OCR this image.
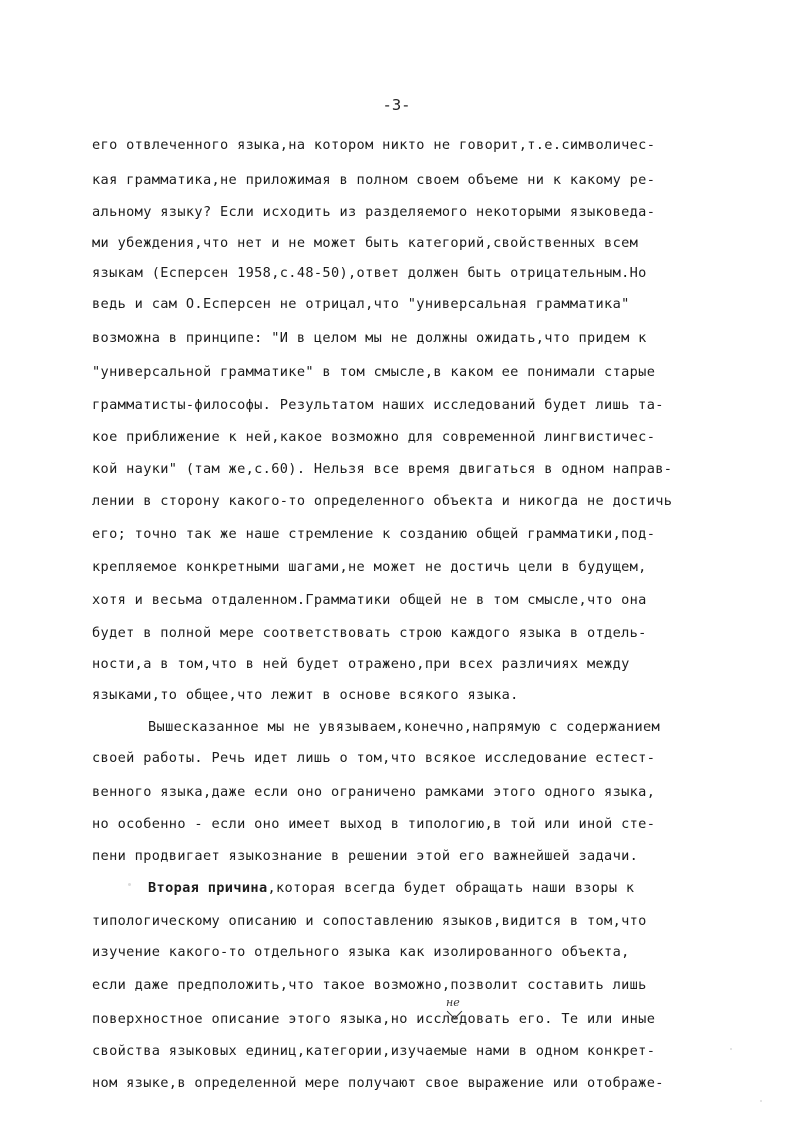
-3-
его отвлеченного языка,на котором никто не говорит,т.е.символичес-
кая грамматика,не приложимая в полном своем объеме ни к какому ре-
альному языку? Если исходить из разделяемого некоторыми языковеда-
ми убеждения,что нет и не может быть категорий,свойственных всем
языкам (Есперсен 1958,с.48-50),ответ должен быть отрицательным.Но
ведь и сам О.Есперсен не отрицал,что "универсальная грамматика"
возможна в принципе: "И в целом мы не должны ожидать,что придем к
"универсальной грамматике" в том смысле,в каком ее понимали старые
грамматисты-философы. Результатом наших исследований будет лишь та-
кое приближение к ней,какое возможно для современной лингвистичес-
кой науки" (там же,с.60). Нельзя все время двигаться в одном направ-
лении в сторону какого-то определенного объекта и никогда не достичь
его; точно так же наше стремление к созданию общей грамматики,под-
крепляемое конкретными шагами,не может не достичь цели в будущем,
хотя и весьма отдаленном.Грамматики общей не в том смысле,что она
будет в полной мере соответствовать строю каждого языка в отдель-
ности,а в том,что в ней будет отражено,при всех различиях между
языками,то общее,что лежит в основе всякого языка.
Вышесказанное мы не увязываем,конечно,напрямую с содержанием
своей работы. Речь идет лишь о том,что всякое исследование естест-
венного языка,даже если оно ограничено рамками этого одного языка,
но особенно - если оно имеет выход в типологию,в той или иной сте-
пени продвигает языкознание в решении этой его важнейшей задачи.
Вторая причина,которая всегда будет обращать наши взоры к
типологическому описанию и сопоставлению языков,видится в том,что
изучение какого-то отдельного языка как изолированного объекта,
если даже предположить,что такое возможно,позволит составить лишь
поверхностное описание этого языка,но исследовать его. Те или иные
свойства языковых единиц,категории,изучаемые нами в одном конкрет-
ном языке,в определенной мере получают свое выражение или отображе-
не
